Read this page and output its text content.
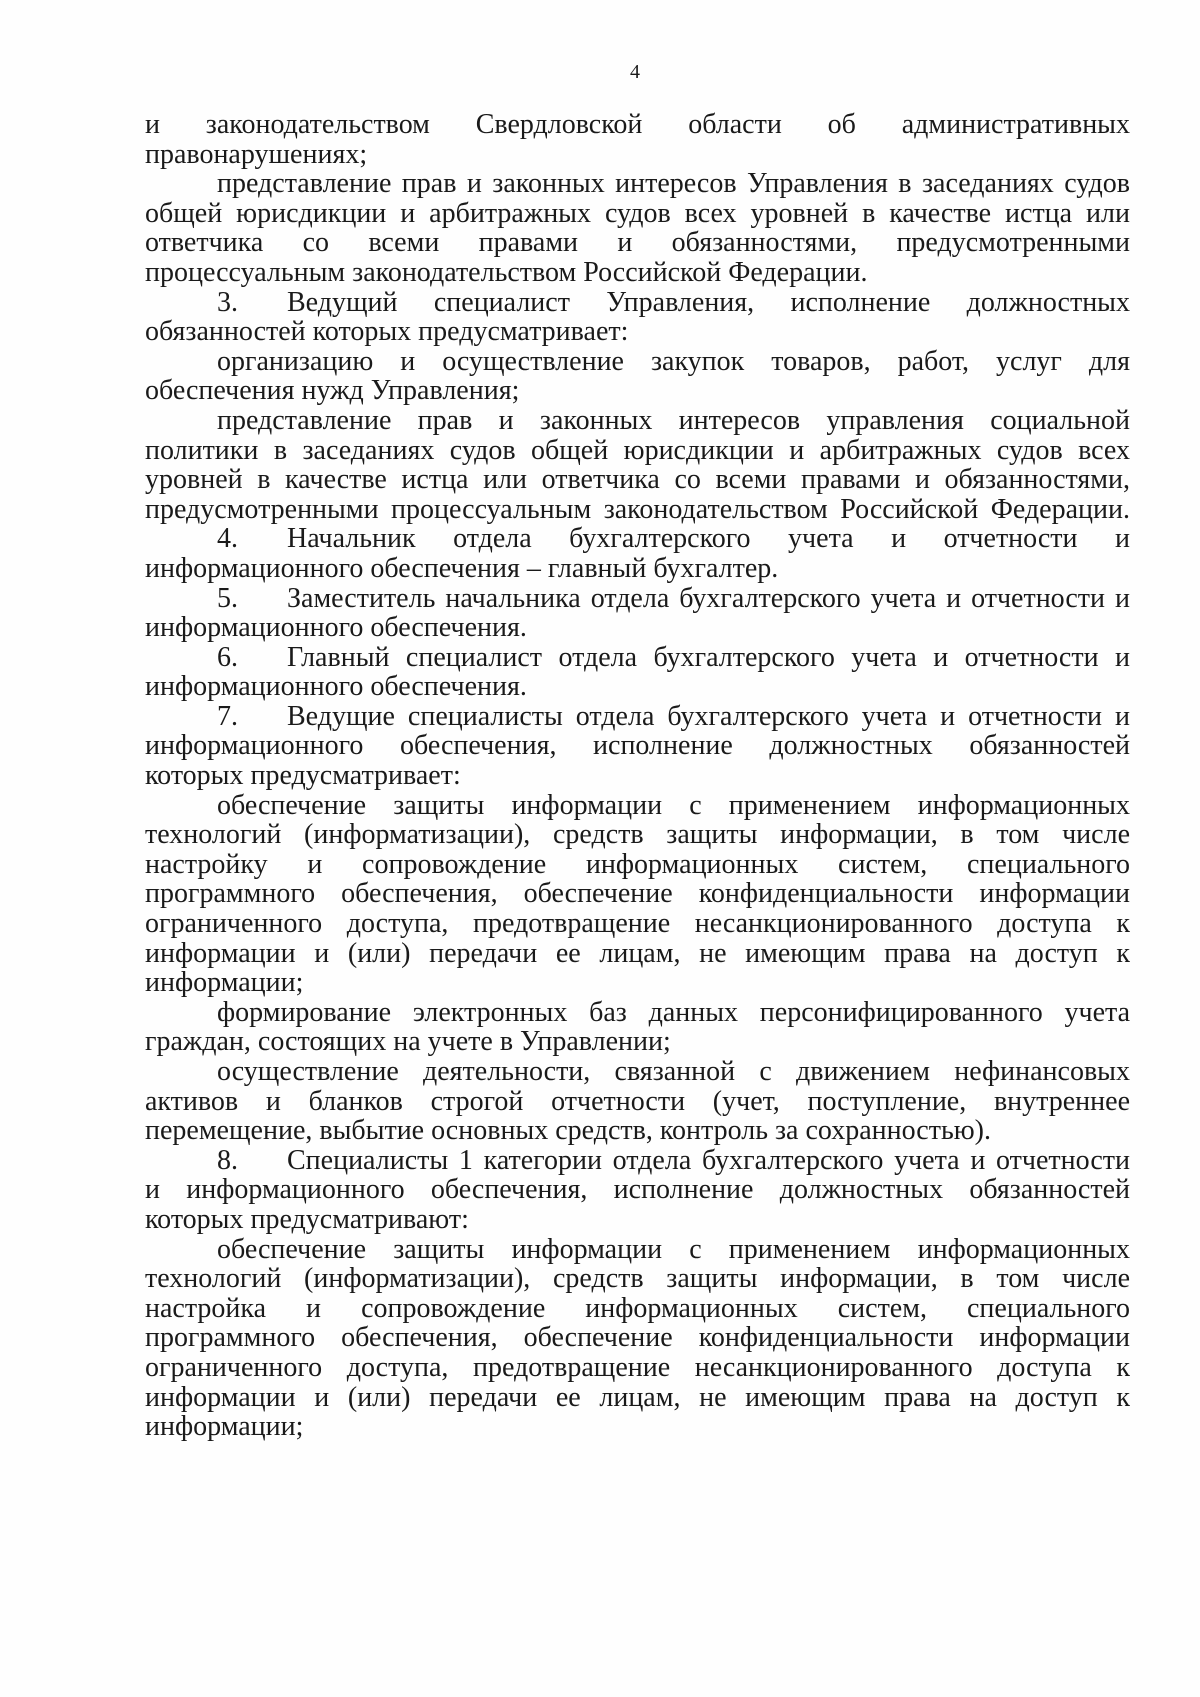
4
и законодательством Свердловской области об административных
правонарушениях;
представление прав и законных интересов Управления в заседаниях судов
общей юрисдикции и арбитражных судов всех уровней в качестве истца или
ответчика со всеми правами и обязанностями, предусмотренными
процессуальным законодательством Российской Федерации.
3. Ведущий специалист Управления, исполнение должностных
обязанностей которых предусматривает:
организацию и осуществление закупок товаров, работ, услуг для
обеспечения нужд Управления;
представление прав и законных интересов управления социальной
политики в заседаниях судов общей юрисдикции и арбитражных судов всех
уровней в качестве истца или ответчика со всеми правами и обязанностями,
предусмотренными процессуальным законодательством Российской Федерации.
4. Начальник отдела бухгалтерского учета и отчетности и
информационного обеспечения – главный бухгалтер.
5. Заместитель начальника отдела бухгалтерского учета и отчетности и
информационного обеспечения.
6. Главный специалист отдела бухгалтерского учета и отчетности и
информационного обеспечения.
7. Ведущие специалисты отдела бухгалтерского учета и отчетности и
информационного обеспечения, исполнение должностных обязанностей
которых предусматривает:
обеспечение защиты информации с применением информационных
технологий (информатизации), средств защиты информации, в том числе
настройку и сопровождение информационных систем, специального
программного обеспечения, обеспечение конфиденциальности информации
ограниченного доступа, предотвращение несанкционированного доступа к
информации и (или) передачи ее лицам, не имеющим права на доступ к
информации;
формирование электронных баз данных персонифицированного учета
граждан, состоящих на учете в Управлении;
осуществление деятельности, связанной с движением нефинансовых
активов и бланков строгой отчетности (учет, поступление, внутреннее
перемещение, выбытие основных средств, контроль за сохранностью).
8. Специалисты 1 категории отдела бухгалтерского учета и отчетности
и информационного обеспечения, исполнение должностных обязанностей
которых предусматривают:
обеспечение защиты информации с применением информационных
технологий (информатизации), средств защиты информации, в том числе
настройка и сопровождение информационных систем, специального
программного обеспечения, обеспечение конфиденциальности информации
ограниченного доступа, предотвращение несанкционированного доступа к
информации и (или) передачи ее лицам, не имеющим права на доступ к
информации;
